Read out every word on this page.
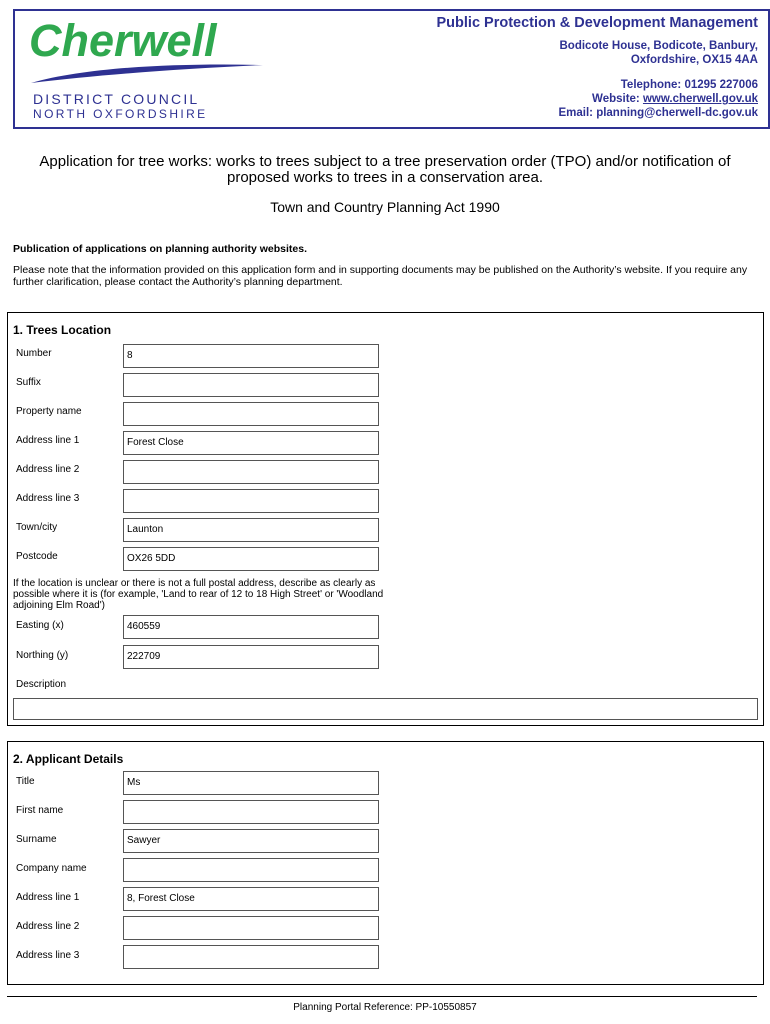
Cherwell
DISTRICT COUNCIL
NORTH OXFORDSHIRE
Public Protection & Development Management
Bodicote House, Bodicote, Banbury,
Oxfordshire, OX15 4AA
Telephone: 01295 227006
Website: www.cherwell.gov.uk
Email: planning@cherwell-dc.gov.uk
Application for tree works: works to trees subject to a tree preservation order (TPO) and/or notification of proposed works to trees in a conservation area.
Town and Country Planning Act 1990
Publication of applications on planning authority websites.
Please note that the information provided on this application form and in supporting documents may be published on the Authority’s website. If you require any further clarification, please contact the Authority’s planning department.
1. Trees Location
Number	8
Suffix
Property name
Address line 1	Forest Close
Address line 2
Address line 3
Town/city	Launton
Postcode	OX26 5DD
If the location is unclear or there is not a full postal address, describe as clearly as possible where it is (for example, 'Land to rear of 12 to 18 High Street' or 'Woodland adjoining Elm Road')
Easting (x)	460559
Northing (y)	222709
Description
2. Applicant Details
Title	Ms
First name
Surname	Sawyer
Company name
Address line 1	8, Forest Close
Address line 2
Address line 3
Planning Portal Reference: PP-10550857
